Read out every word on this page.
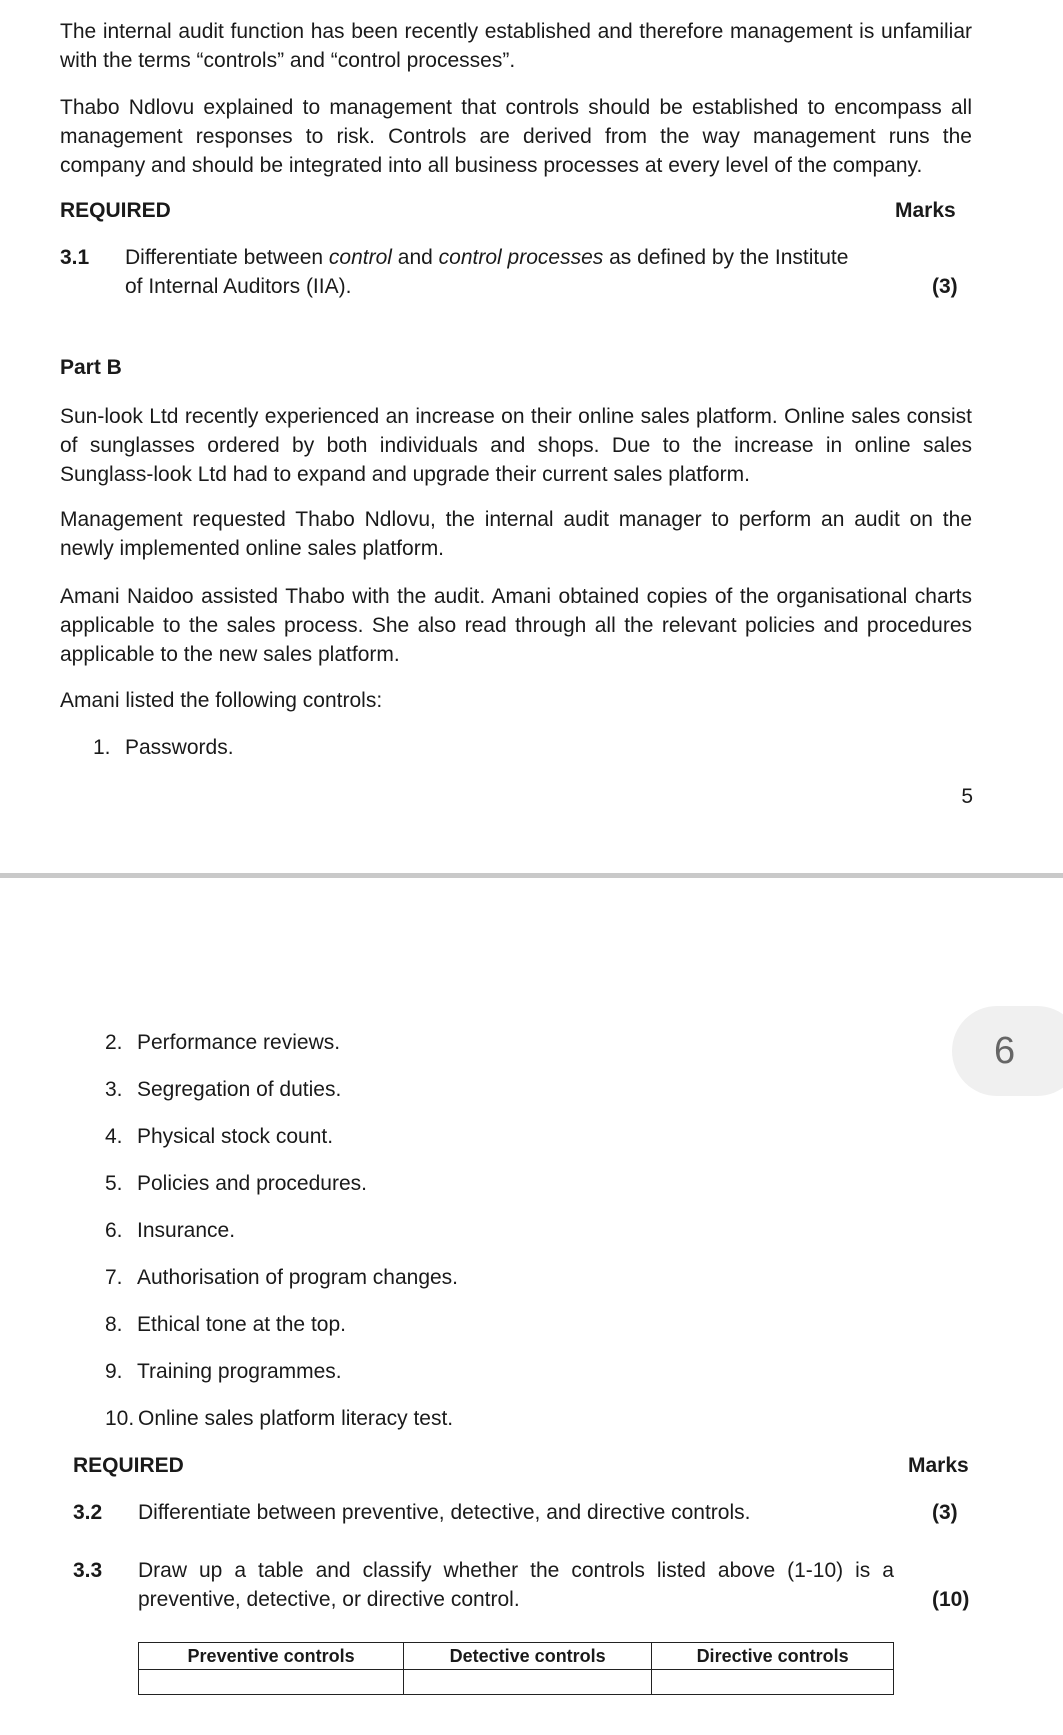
The internal audit function has been recently established and therefore management is unfamiliar with the terms “controls” and “control processes”.

Thabo Ndlovu explained to management that controls should be established to encompass all management responses to risk. Controls are derived from the way management runs the company and should be integrated into all business processes at every level of the company.

REQUIRED	Marks
3.1 Differentiate between control and control processes as defined by the Institute
of Internal Auditors (IIA).	(3)
Part B

Sun-look Ltd recently experienced an increase on their online sales platform. Online sales consist of sunglasses ordered by both individuals and shops. Due to the increase in online sales Sunglass-look Ltd had to expand and upgrade their current sales platform.

Management requested Thabo Ndlovu, the internal audit manager to perform an audit on the newly implemented online sales platform.

Amani Naidoo assisted Thabo with the audit. Amani obtained copies of the organisational charts applicable to the sales process. She also read through all the relevant policies and procedures applicable to the new sales platform.

Amani listed the following controls:

1. Passwords.
5
6
2. Performance reviews.
3. Segregation of duties.
4. Physical stock count.
5. Policies and procedures.
6. Insurance.
7. Authorisation of program changes.
8. Ethical tone at the top.
9. Training programmes.
10. Online sales platform literacy test.
REQUIRED	Marks
3.2 Differentiate between preventive, detective, and directive controls.	(3)
3.3 Draw up a table and classify whether the controls listed above (1-10) is a preventive, detective, or directive control.	(10)
Preventive controls	Detective controls	Directive controls
